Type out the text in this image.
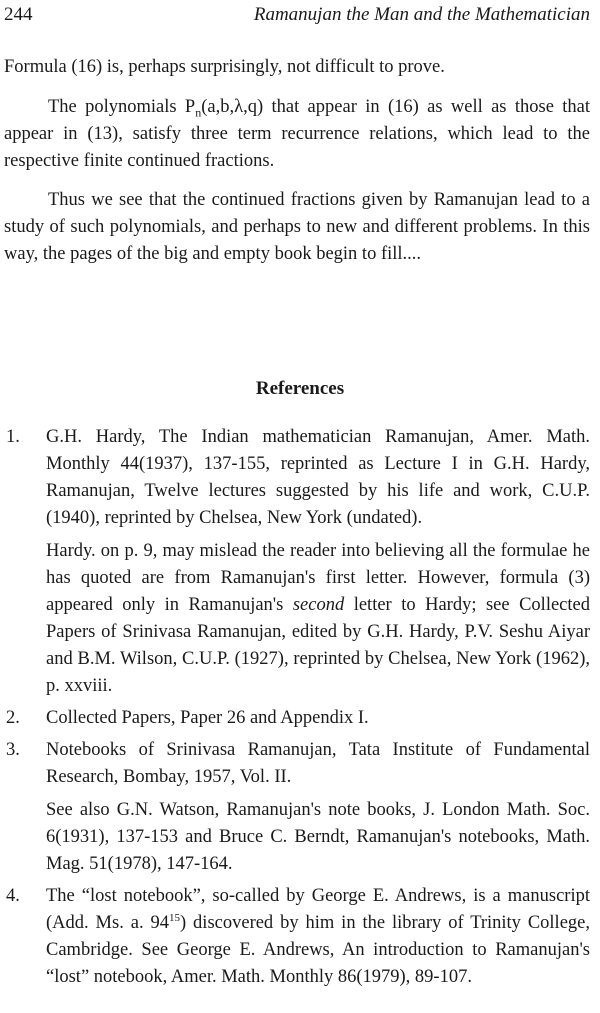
244	Ramanujan the Man and the Mathematician

Formula (16) is, perhaps surprisingly, not difficult to prove.

The polynomials $P_n(a,b,\lambda,q)$ that appear in (16) as well as those that appear in (13), satisfy three term recurrence relations, which lead to the respective finite continued fractions.

Thus we see that the continued fractions given by Ramanujan lead to a study of such polynomials, and perhaps to new and different problems. In this way, the pages of the big and empty book begin to fill....

References
1. G.H. Hardy, The Indian mathematician Ramanujan, Amer. Math. Monthly 44(1937), 137-155, reprinted as Lecture I in G.H. Hardy, Ramanujan, Twelve lectures suggested by his life and work, C.U.P. (1940), reprinted by Chelsea, New York (undated).
Hardy. on p. 9, may mislead the reader into believing all the formulae he has quoted are from Ramanujan's first letter. However, formula (3) appeared only in Ramanujan's second letter to Hardy; see Collected Papers of Srinivasa Ramanujan, edited by G.H. Hardy, P.V. Seshu Aiyar and B.M. Wilson, C.U.P. (1927), reprinted by Chelsea, New York (1962), p. xxviii.
2. Collected Papers, Paper 26 and Appendix I.
3. Notebooks of Srinivasa Ramanujan, Tata Institute of Fundamental Research, Bombay, 1957, Vol. II.
See also G.N. Watson, Ramanujan's note books, J. London Math. Soc. 6(1931), 137-153 and Bruce C. Berndt, Ramanujan's notebooks, Math. Mag. 51(1978), 147-164.
4. The “lost notebook”, so-called by George E. Andrews, is a manuscript (Add. Ms. a. $94^{15}$) discovered by him in the library of Trinity College, Cambridge. See George E. Andrews, An introduction to Ramanujan's “lost” notebook, Amer. Math. Monthly 86(1979), 89-107.
